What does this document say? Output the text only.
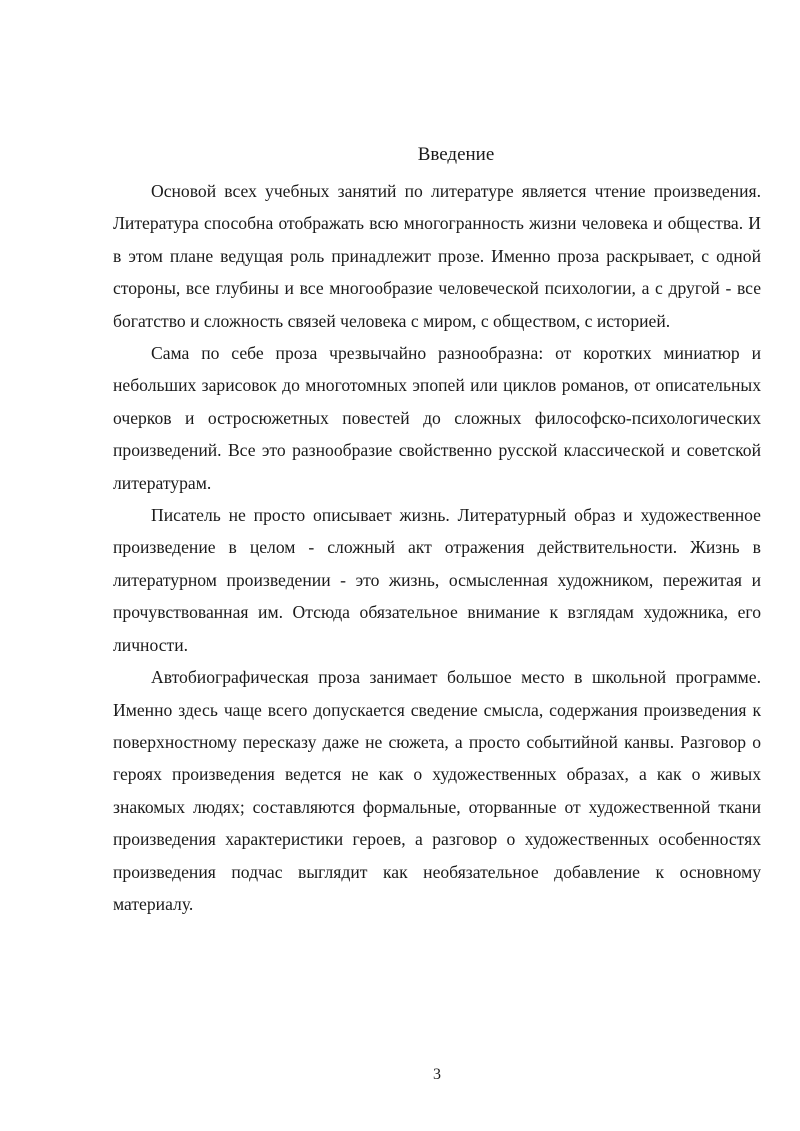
Введение

Основой всех учебных занятий по литературе является чтение произведения. Литература способна отображать всю многогранность жизни человека и общества. И в этом плане ведущая роль принадлежит прозе. Именно проза раскрывает, с одной стороны, все глубины и все многообразие человеческой психологии, а с другой - все богатство и сложность связей человека с миром, с обществом, с историей.

Сама по себе проза чрезвычайно разнообразна: от коротких миниатюр и небольших зарисовок до многотомных эпопей или циклов романов, от описательных очерков и остросюжетных повестей до сложных философско-психологических произведений. Все это разнообразие свойственно русской классической и советской литературам.

Писатель не просто описывает жизнь. Литературный образ и художественное произведение в целом - сложный акт отражения действительности. Жизнь в литературном произведении - это жизнь, осмысленная художником, пережитая и прочувствованная им. Отсюда обязательное внимание к взглядам художника, его личности.

Автобиографическая проза занимает большое место в школьной программе. Именно здесь чаще всего допускается сведение смысла, содержания произведения к поверхностному пересказу даже не сюжета, а просто событийной канвы. Разговор о героях произведения ведется не как о художественных образах, а как о живых знакомых людях; составляются формальные, оторванные от художественной ткани произведения характеристики героев, а разговор о художественных особенностях произведения подчас выглядит как необязательное добавление к основному материалу.

3
